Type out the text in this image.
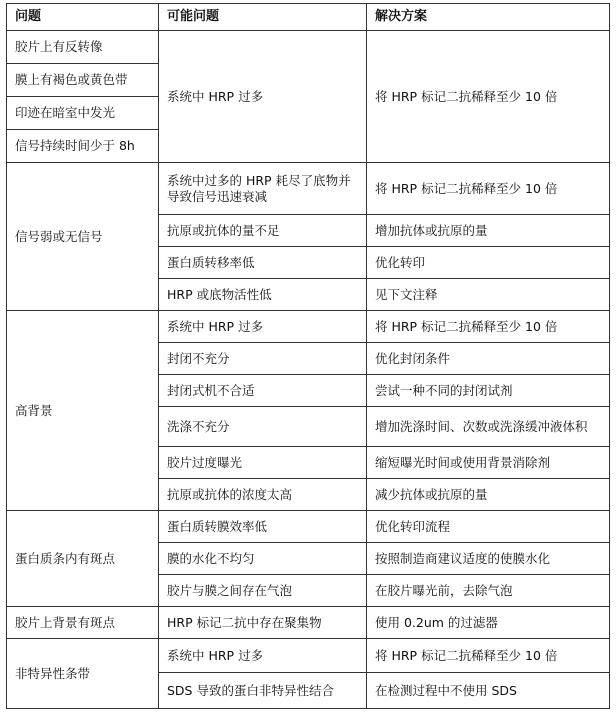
问题	可能问题	解决方案
胶片上有反转像	系统中 HRP 过多	将 HRP 标记二抗稀释至少 10 倍
膜上有褐色或黄色带		
印迹在暗室中发光		
信号持续时间少于 8h		
信号弱或无信号	系统中过多的 HRP 耗尽了底物并导致信号迅速衰减	将 HRP 标记二抗稀释至少 10 倍
	抗原或抗体的量不足	增加抗体或抗原的量
	蛋白质转移率低	优化转印
	HRP 或底物活性低	见下文注释
高背景	系统中 HRP 过多	将 HRP 标记二抗稀释至少 10 倍
	封闭不充分	优化封闭条件
	封闭式机不合适	尝试一种不同的封闭试剂
	洗涤不充分	增加洗涤时间、次数或洗涤缓冲液体积
	胶片过度曝光	缩短曝光时间或使用背景消除剂
	抗原或抗体的浓度太高	减少抗体或抗原的量
蛋白质条内有斑点	蛋白质转膜效率低	优化转印流程
	膜的水化不均匀	按照制造商建议适度的使膜水化
	胶片与膜之间存在气泡	在胶片曝光前，去除气泡
胶片上背景有斑点	HRP 标记二抗中存在聚集物	使用 0.2um 的过滤器
非特异性条带	系统中 HRP 过多	将 HRP 标记二抗稀释至少 10 倍
	SDS 导致的蛋白非特异性结合	在检测过程中不使用 SDS
